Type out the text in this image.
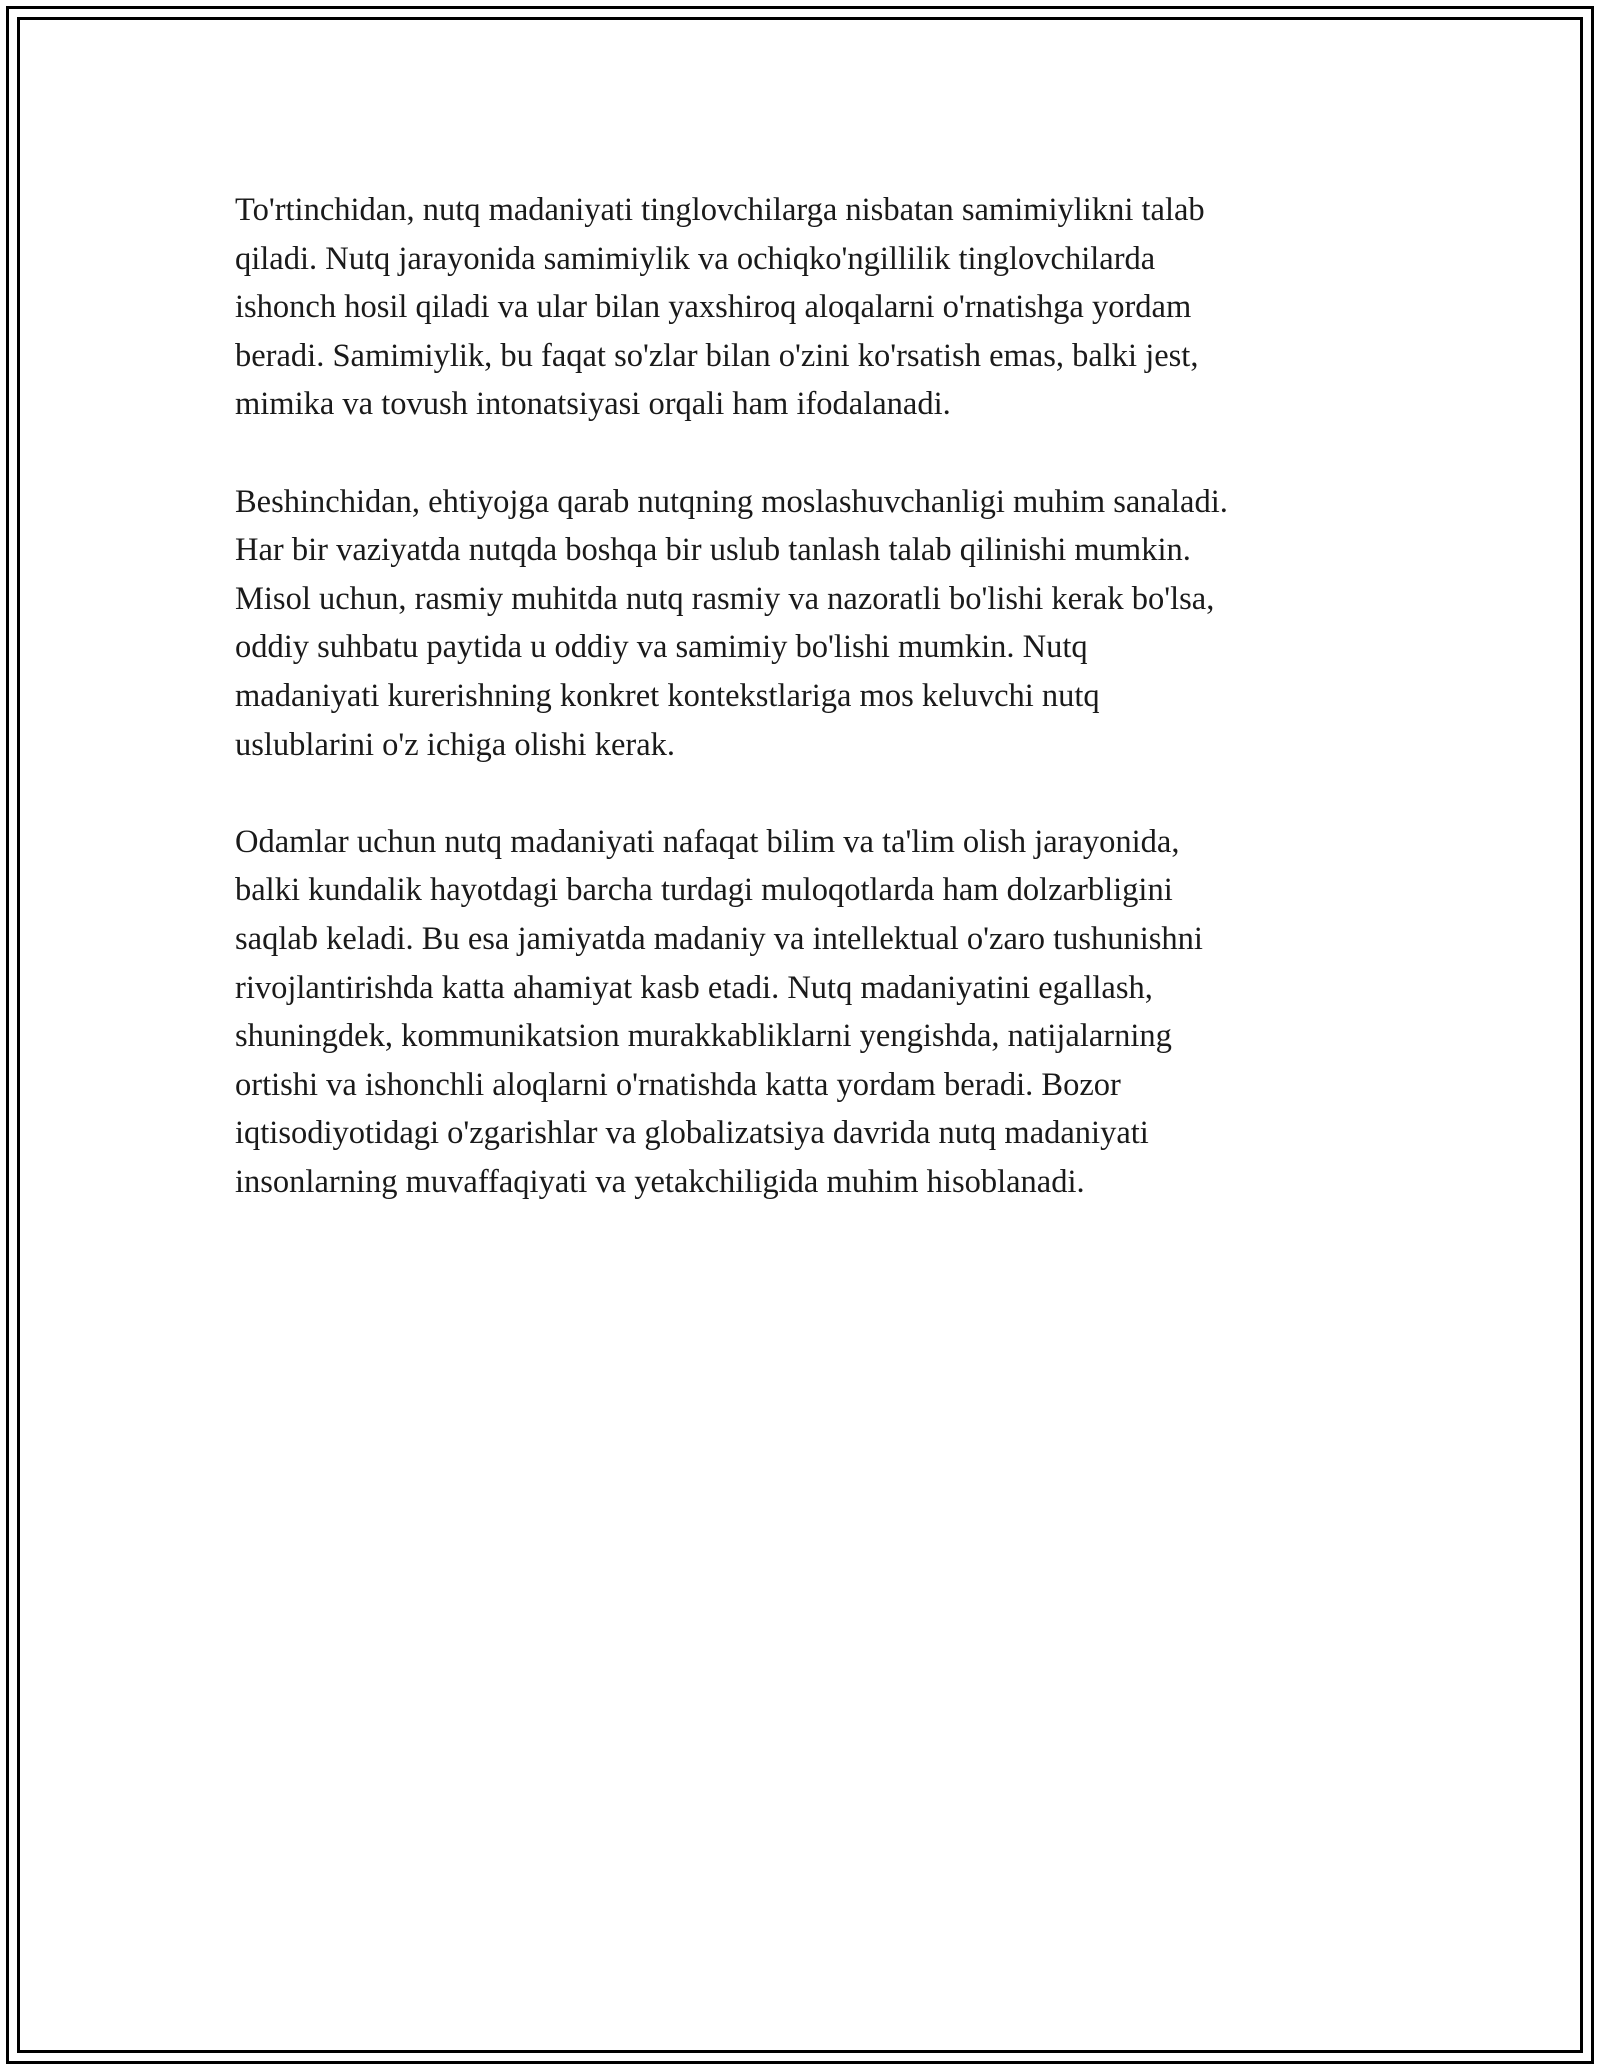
To'rtinchidan, nutq madaniyati tinglovchilarga nisbatan samimiylikni talab
qiladi. Nutq jarayonida samimiylik va ochiqko'ngillilik tinglovchilarda
ishonch hosil qiladi va ular bilan yaxshiroq aloqalarni o'rnatishga yordam
beradi. Samimiylik, bu faqat so'zlar bilan o'zini ko'rsatish emas, balki jest,
mimika va tovush intonatsiyasi orqali ham ifodalanadi.

Beshinchidan, ehtiyojga qarab nutqning moslashuvchanligi muhim sanaladi.
Har bir vaziyatda nutqda boshqa bir uslub tanlash talab qilinishi mumkin.
Misol uchun, rasmiy muhitda nutq rasmiy va nazoratli bo'lishi kerak bo'lsa,
oddiy suhbatu paytida u oddiy va samimiy bo'lishi mumkin. Nutq
madaniyati kurerishning konkret kontekstlariga mos keluvchi nutq
uslublarini o'z ichiga olishi kerak.

Odamlar uchun nutq madaniyati nafaqat bilim va ta'lim olish jarayonida,
balki kundalik hayotdagi barcha turdagi muloqotlarda ham dolzarbligini
saqlab keladi. Bu esa jamiyatda madaniy va intellektual o'zaro tushunishni
rivojlantirishda katta ahamiyat kasb etadi. Nutq madaniyatini egallash,
shuningdek, kommunikatsion murakkabliklarni yengishda, natijalarning
ortishi va ishonchli aloqlarni o'rnatishda katta yordam beradi. Bozor
iqtisodiyotidagi o'zgarishlar va globalizatsiya davrida nutq madaniyati
insonlarning muvaffaqiyati va yetakchiligida muhim hisoblanadi.
